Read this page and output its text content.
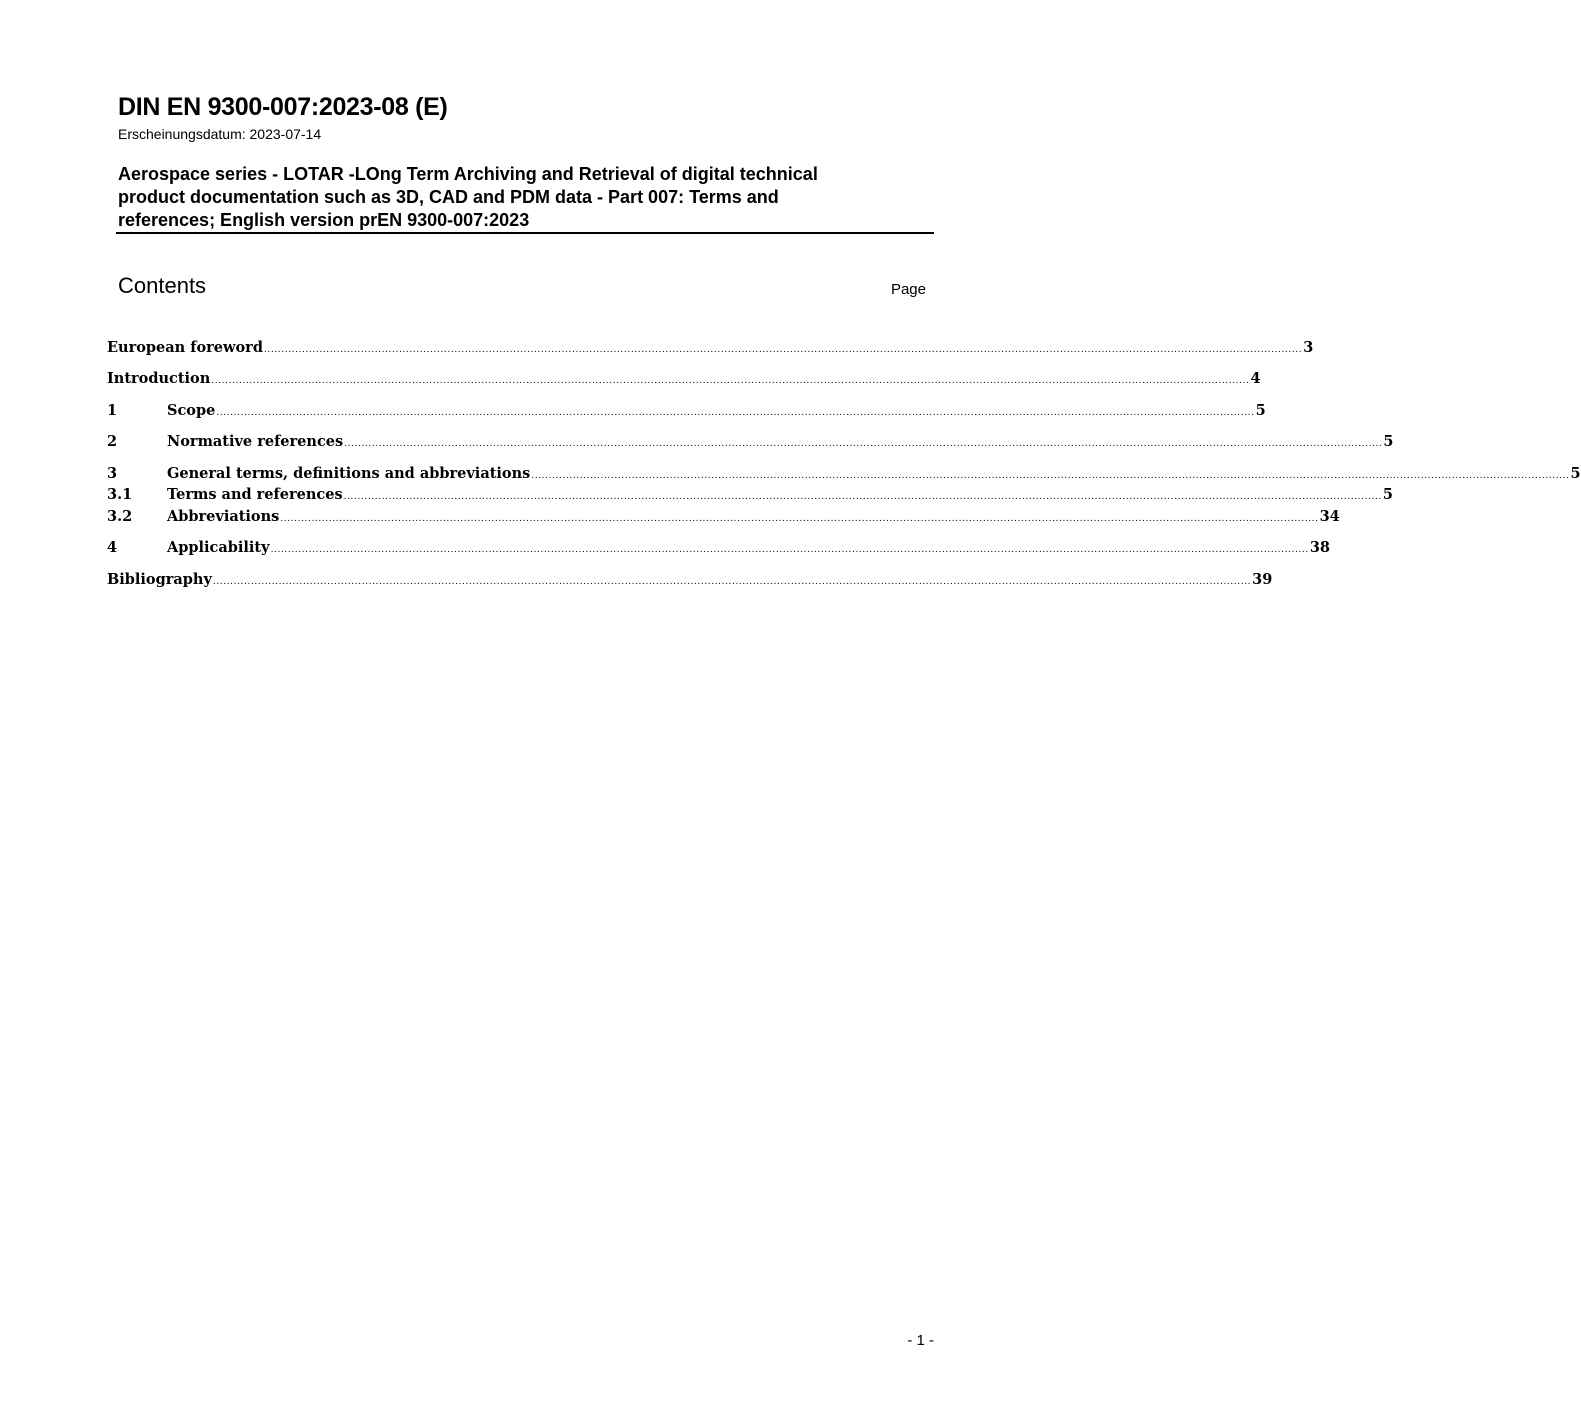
DIN EN 9300-007:2023-08 (E)
Erscheinungsdatum: 2023-07-14
Aerospace series - LOTAR -LOng Term Archiving and Retrieval of digital technical
product documentation such as 3D, CAD and PDM data - Part 007: Terms and
references; English version prEN 9300-007:2023
Contents	Page
European foreword ............................................................................................................................................................................................................................................................................................................ 3
Introduction ............................................................................................................................................................................................................................................................................................................ 4
1	Scope ............................................................................................................................................................................................................................................................................................................ 5
2	Normative references ............................................................................................................................................................................................................................................................................................................ 5
3	General terms, definitions and abbreviations ............................................................................................................................................................................................................................................................................................................ 5
3.1	Terms and references ............................................................................................................................................................................................................................................................................................................ 5
3.2	Abbreviations ............................................................................................................................................................................................................................................................................................................ 34
4	Applicability ............................................................................................................................................................................................................................................................................................................ 38
Bibliography ............................................................................................................................................................................................................................................................................................................ 39
- 1 -
